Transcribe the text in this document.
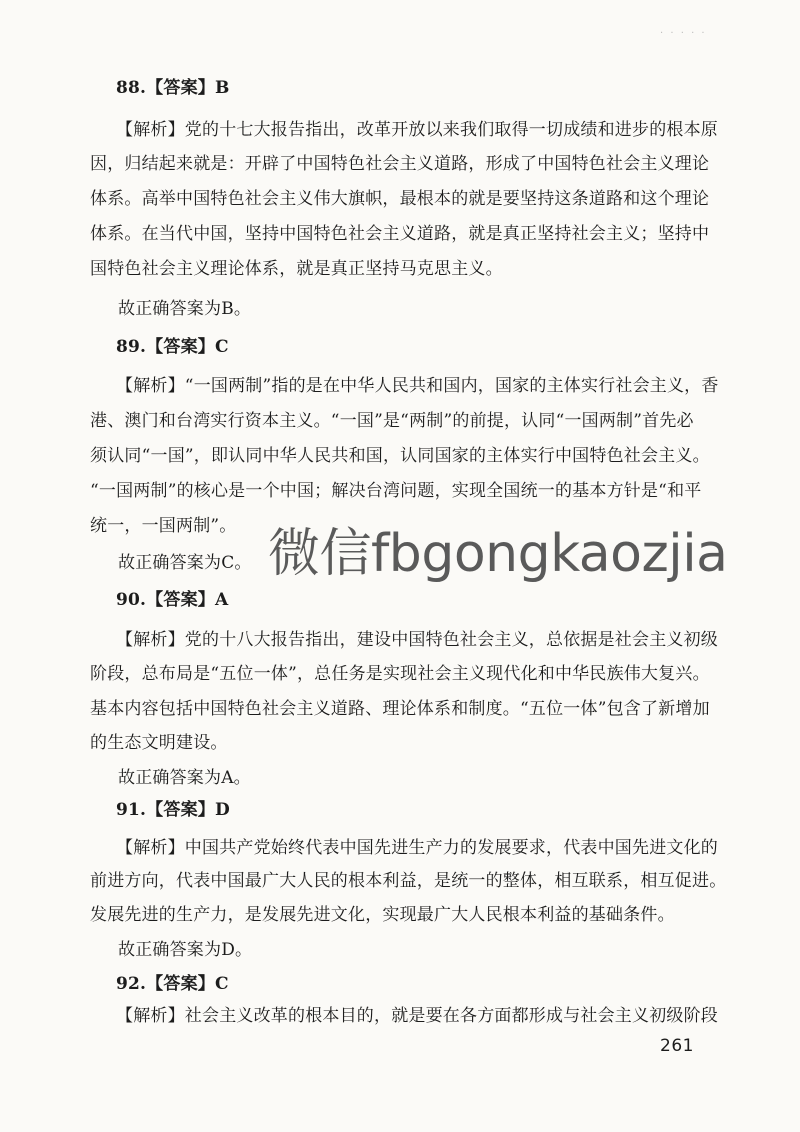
· · · · ·
88.【答案】B
【解析】党的十七大报告指出，改革开放以来我们取得一切成绩和进步的根本原
因，归结起来就是：开辟了中国特色社会主义道路，形成了中国特色社会主义理论
体系。高举中国特色社会主义伟大旗帜，最根本的就是要坚持这条道路和这个理论
体系。在当代中国，坚持中国特色社会主义道路，就是真正坚持社会主义；坚持中
国特色社会主义理论体系，就是真正坚持马克思主义。
故正确答案为B。
89.【答案】C
【解析】“一国两制”指的是在中华人民共和国内，国家的主体实行社会主义，香
港、澳门和台湾实行资本主义。“一国”是“两制”的前提，认同“一国两制”首先必
须认同“一国”，即认同中华人民共和国，认同国家的主体实行中国特色社会主义。
“一国两制”的核心是一个中国；解决台湾问题，实现全国统一的基本方针是“和平
统一，一国两制”。
故正确答案为C。
90.【答案】A
【解析】党的十八大报告指出，建设中国特色社会主义，总依据是社会主义初级
阶段，总布局是“五位一体”，总任务是实现社会主义现代化和中华民族伟大复兴。
基本内容包括中国特色社会主义道路、理论体系和制度。“五位一体”包含了新增加
的生态文明建设。
故正确答案为A。
91.【答案】D
【解析】中国共产党始终代表中国先进生产力的发展要求，代表中国先进文化的
前进方向，代表中国最广大人民的根本利益，是统一的整体，相互联系，相互促进。
发展先进的生产力，是发展先进文化，实现最广大人民根本利益的基础条件。
故正确答案为D。
92.【答案】C
【解析】社会主义改革的根本目的，就是要在各方面都形成与社会主义初级阶段
261
微信fbgongkaozjia
